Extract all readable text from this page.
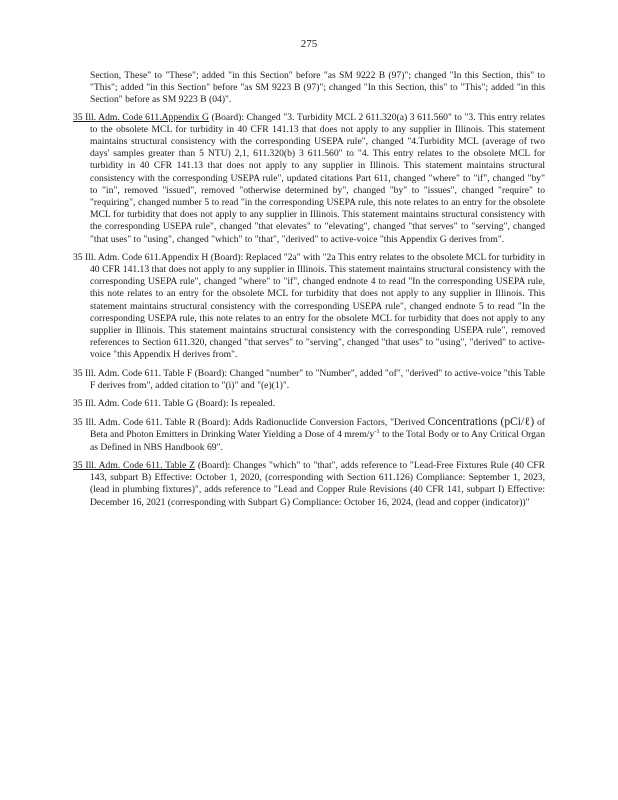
275
Section, These" to "These"; added "in this Section" before "as SM 9222 B (97)"; changed "In this Section, this" to "This"; added "in this Section" before "as SM 9223 B (97)"; changed "In this Section, this" to "This"; added "in this Section" before as SM 9223 B (04)".
35 Ill. Adm. Code 611.Appendix G (Board): Changed "3. Turbidity MCL 2 611.320(a) 3 611.560" to "3. This entry relates to the obsolete MCL for turbidity in 40 CFR 141.13 that does not apply to any supplier in Illinois. This statement maintains structural consistency with the corresponding USEPA rule", changed "4.Turbidity MCL (average of two days' samples greater than 5 NTU) 2,1, 611.320(b) 3 611.560" to "4. This entry relates to the obsolete MCL for turbidity in 40 CFR 141.13 that does not apply to any supplier in Illinois. This statement maintains structural consistency with the corresponding USEPA rule", updated citations Part 611, changed "where" to "if", changed "by" to "in", removed "issued", removed "otherwise determined by", changed "by" to "issues", changed "require" to "requiring", changed number 5 to read "in the corresponding USEPA rule, this note relates to an entry for the obsolete MCL for turbidity that does not apply to any supplier in Illinois. This statement maintains structural consistency with the corresponding USEPA rule", changed "that elevates" to "elevating", changed "that serves" to "serving", changed "that uses" to "using", changed "which" to "that", "derived" to active-voice "this Appendix G derives from".
35 Ill. Adm. Code 611.Appendix H (Board): Replaced "2a" with "2a This entry relates to the obsolete MCL for turbidity in 40 CFR 141.13 that does not apply to any supplier in Illinois. This statement maintains structural consistency with the corresponding USEPA rule", changed "where" to "if", changed endnote 4 to read "In the corresponding USEPA rule, this note relates to an entry for the obsolete MCL for turbidity that does not apply to any supplier in Illinois. This statement maintains structural consistency with the corresponding USEPA rule", changed endnote 5 to read "In the corresponding USEPA rule, this note relates to an entry for the obsolete MCL for turbidity that does not apply to any supplier in Illinois. This statement maintains structural consistency with the corresponding USEPA rule", removed references to Section 611.320, changed "that serves" to "serving", changed "that uses" to "using", "derived" to active-voice "this Appendix H derives from".
35 Ill. Adm. Code 611. Table F (Board): Changed "number" to "Number", added "of", "derived" to active-voice "this Table F derives from", added citation to "(i)" and "(e)(1)".
35 Ill. Adm. Code 611. Table G (Board): Is repealed.
35 Ill. Adm. Code 611. Table R (Board): Adds Radionuclide Conversion Factors, "Derived Concentrations (pCi/ℓ) of Beta and Photon Emitters in Drinking Water Yielding a Dose of 4 mrem/$y^{-1}$ to the Total Body or to Any Critical Organ as Defined in NBS Handbook 69".
35 Ill. Adm. Code 611. Table Z (Board): Changes "which" to "that", adds reference to "Lead-Free Fixtures Rule (40 CFR 143, subpart B) Effective: October 1, 2020, (corresponding with Section 611.126) Compliance: September 1, 2023, (lead in plumbing fixtures)", adds reference to "Lead and Copper Rule Revisions (40 CFR 141, subpart I) Effective: December 16, 2021 (corresponding with Subpart G) Compliance: October 16, 2024, (lead and copper (indicator))"
